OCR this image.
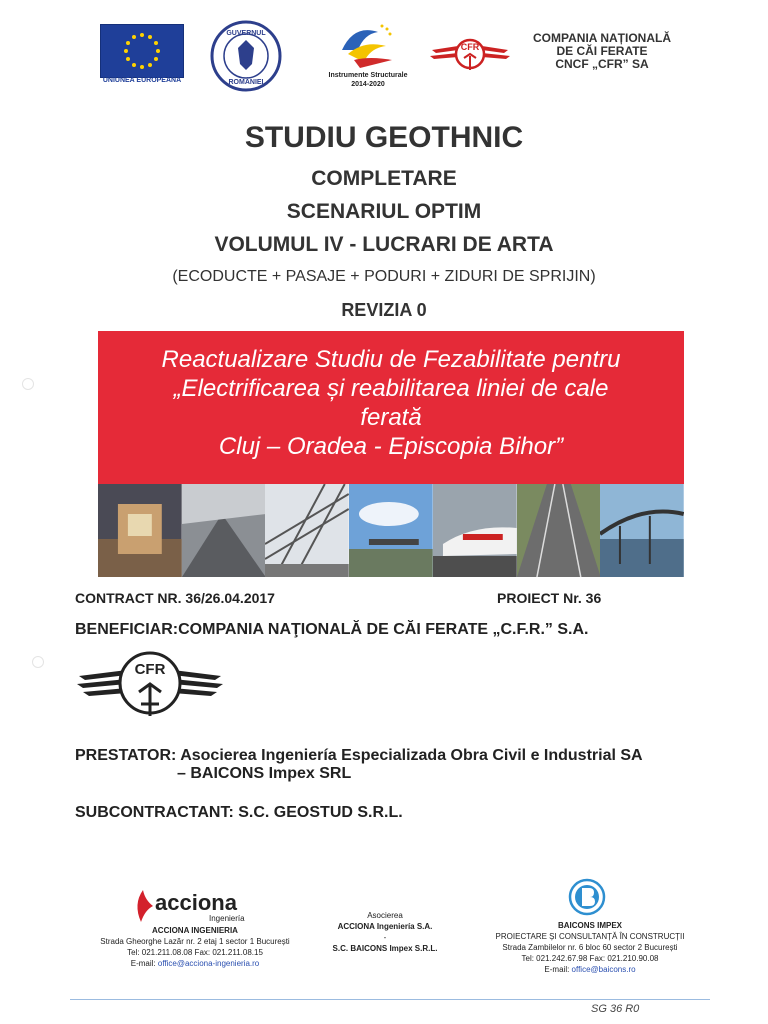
UNIUNEA EUROPEANĂ
GUVERNUL
ROMÂNIEI
Instrumente Structurale
2014-2020
CFR
COMPANIA NAȚIONALĂ
DE CĂI FERATE
CNCF „CFR” SA
STUDIU GEOTHNIC
COMPLETARE
SCENARIUL OPTIM
VOLUMUL IV - LUCRARI DE ARTA
(ECODUCTE + PASAJE + PODURI + ZIDURI DE SPRIJIN)
REVIZIA 0
Reactualizare Studiu de Fezabilitate pentru
„Electrificarea și reabilitarea liniei de cale
ferată
Cluj – Oradea - Episcopia Bihor”
CONTRACT NR. 36/26.04.2017	PROIECT Nr. 36
BENEFICIAR:COMPANIA NAŢIONALĂ DE CĂI FERATE „C.F.R.” S.A.
CFR
PRESTATOR: Asocierea Ingeniería Especializada Obra Civil e Industrial SA
– BAICONS Impex SRL
SUBCONTRACTANT: S.C. GEOSTUD S.R.L.
acciona
Ingeniería
ACCIONA INGENIERIA
Strada Gheorghe Lazăr nr. 2 etaj 1 sector 1 București
Tel: 021.211.08.08 Fax: 021.211.08.15
E-mail: office@acciona-ingenieria.ro
Asocierea
ACCIONA Ingeniería S.A.
-
S.C. BAICONS Impex S.R.L.
BAICONS IMPEX
PROIECTARE ȘI CONSULTANȚĂ ÎN CONSTRUCȚII
Strada Zambilelor nr. 6 bloc 60 sector 2 București
Tel: 021.242.67.98 Fax: 021.210.90.08
E-mail: office@baicons.ro
SG 36 R0
